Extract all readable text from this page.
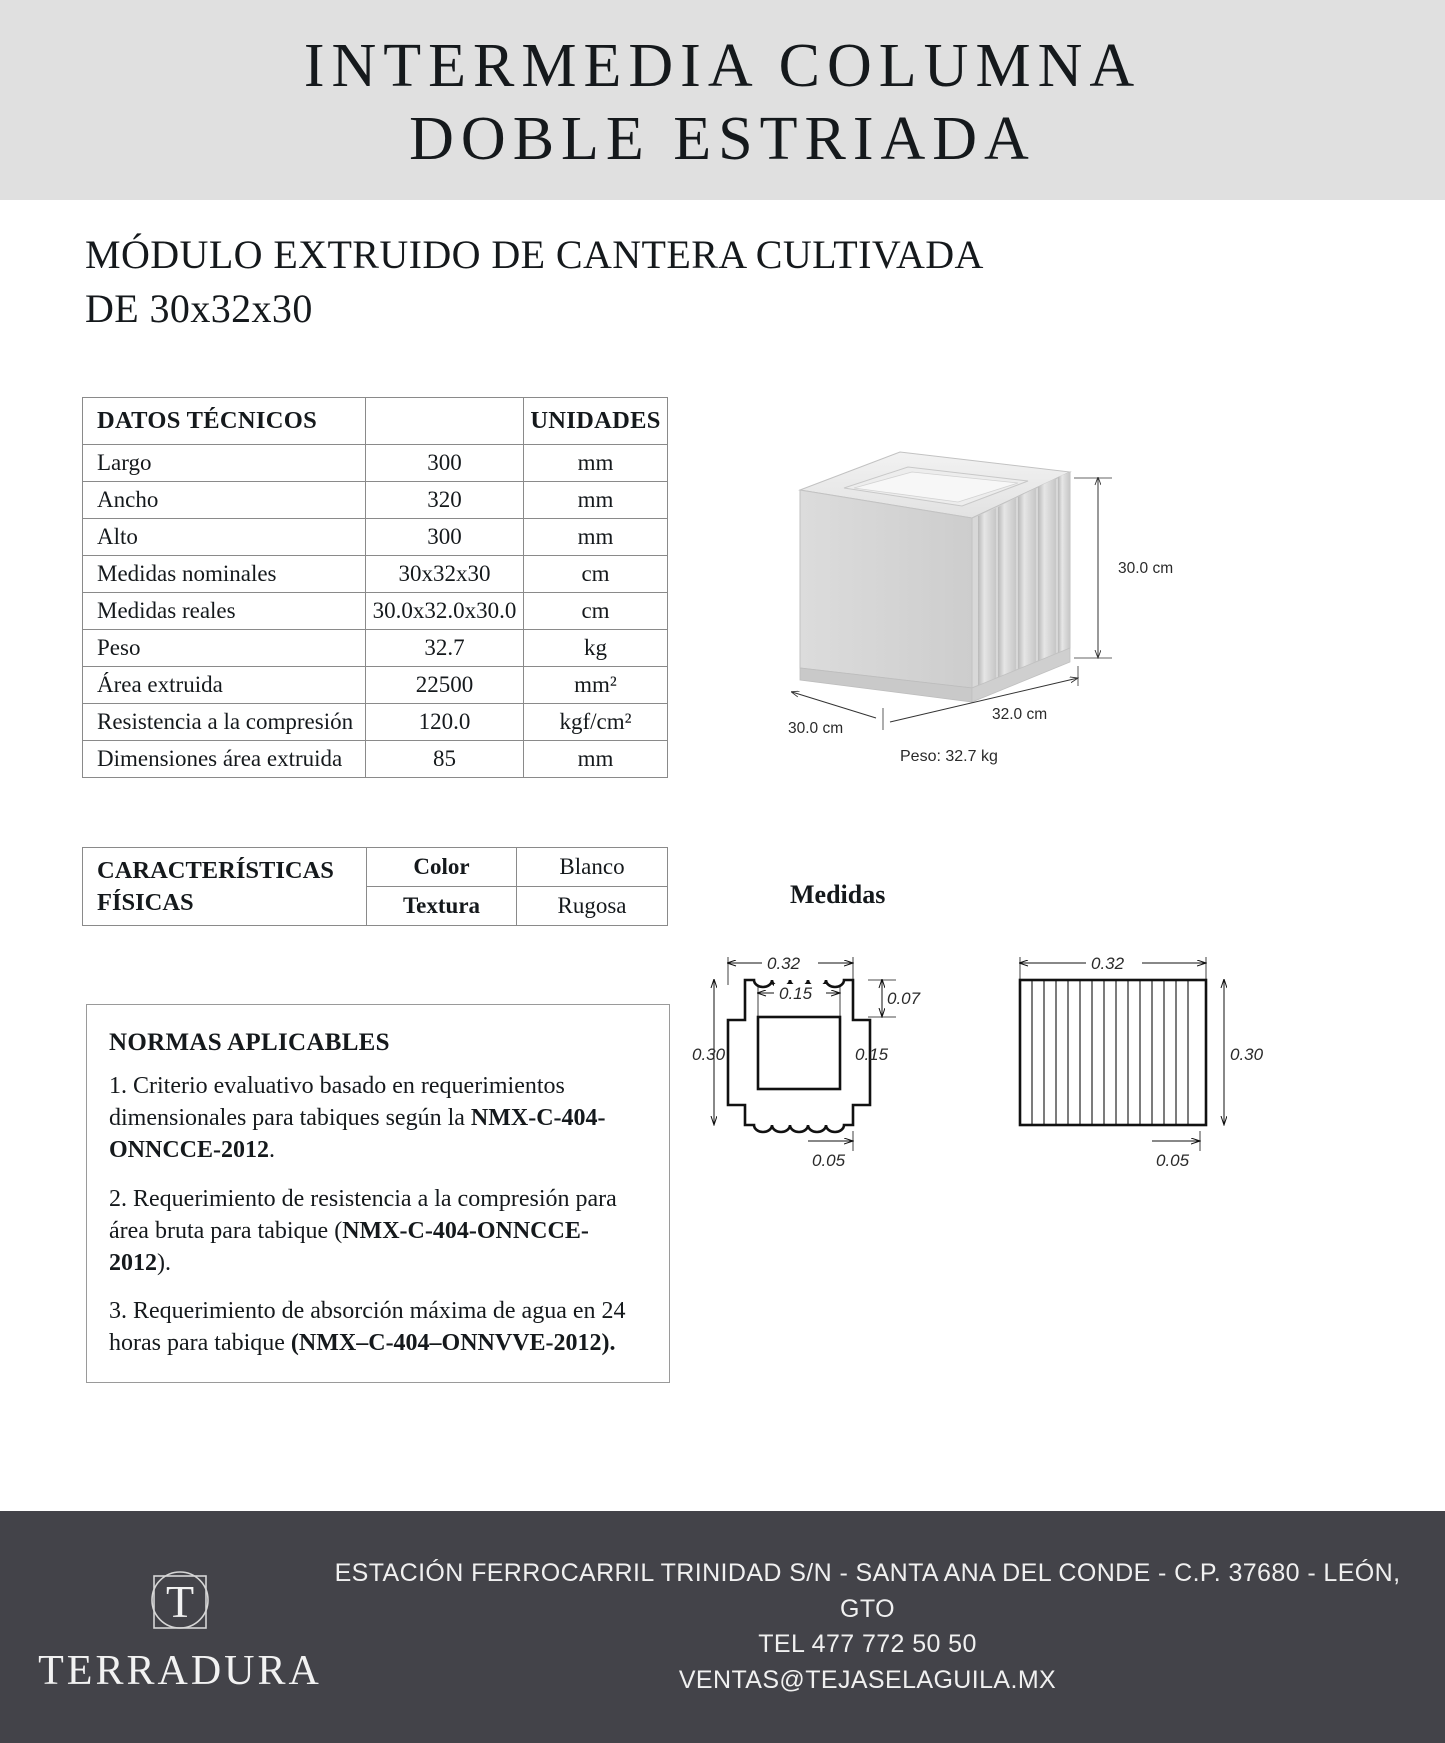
INTERMEDIA COLUMNA
DOBLE ESTRIADA
MÓDULO EXTRUIDO DE CANTERA CULTIVADA
DE 30x32x30
DATOS TÉCNICOS		UNIDADES
Largo	300	mm
Ancho	320	mm
Alto	300	mm
Medidas nominales	30x32x30	cm
Medidas reales	30.0x32.0x30.0	cm
Peso	32.7	kg
Área extruida	22500	mm²
Resistencia a la compresión	120.0	kgf/cm²
Dimensiones área extruida	85	mm
CARACTERÍSTICAS
FÍSICAS	Color	Blanco
	Textura	Rugosa
NORMAS APLICABLES

1. Criterio evaluativo basado en requerimientos dimensionales para tabiques según la NMX-C-404-ONNCCE-2012.

2. Requerimiento de resistencia a la compresión para área bruta para tabique (NMX-C-404-ONNCCE-2012).

3. Requerimiento de absorción máxima de agua en 24 horas para tabique (NMX–C-404–ONNVVE-2012).

30.0 cm
30.0 cm
32.0 cm
Peso: 32.7 kg
Medidas
0.32
0.15	0.07
0.30	0.15
0.05
0.32
0.30
0.05
T
TERRADURA
ESTACIÓN FERROCARRIL TRINIDAD S/N - SANTA ANA DEL CONDE - C.P. 37680 - LEÓN, GTO
TEL 477 772 50 50
VENTAS@TEJASELAGUILA.MX
